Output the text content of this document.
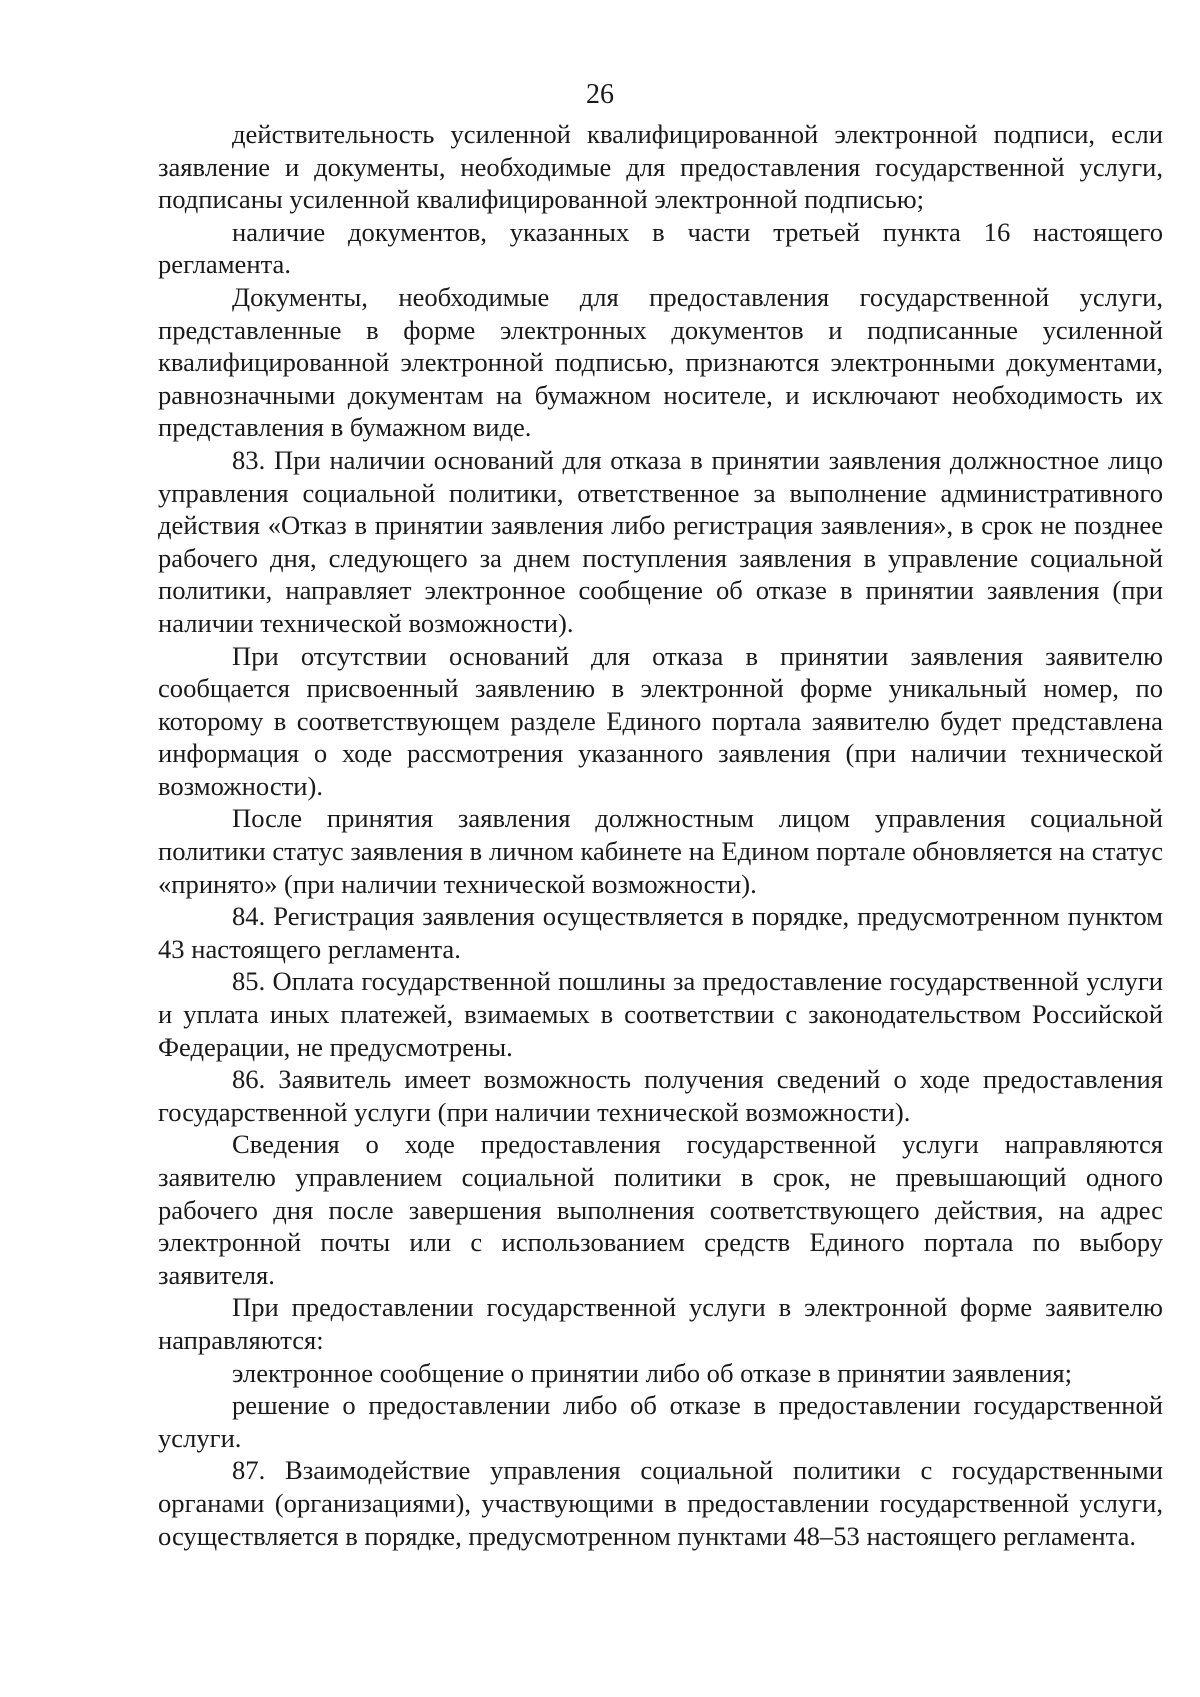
26

действительность усиленной квалифицированной электронной подписи, если заявление и документы, необходимые для предоставления государственной услуги, подписаны усиленной квалифицированной электронной подписью;

наличие документов, указанных в части третьей пункта 16 настоящего регламента.

Документы, необходимые для предоставления государственной услуги, представленные в форме электронных документов и подписанные усиленной квалифицированной электронной подписью, признаются электронными документами, равнозначными документам на бумажном носителе, и исключают необходимость их представления в бумажном виде.

83. При наличии оснований для отказа в принятии заявления должностное лицо управления социальной политики, ответственное за выполнение административного действия «Отказ в принятии заявления либо регистрация заявления», в срок не позднее рабочего дня, следующего за днем поступления заявления в управление социальной политики, направляет электронное сообщение об отказе в принятии заявления (при наличии технической возможности).

При отсутствии оснований для отказа в принятии заявления заявителю сообщается присвоенный заявлению в электронной форме уникальный номер, по которому в соответствующем разделе Единого портала заявителю будет представлена информация о ходе рассмотрения указанного заявления (при наличии технической возможности).

После принятия заявления должностным лицом управления социальной политики статус заявления в личном кабинете на Едином портале обновляется на статус «принято» (при наличии технической возможности).

84. Регистрация заявления осуществляется в порядке, предусмотренном пунктом 43 настоящего регламента.

85. Оплата государственной пошлины за предоставление государственной услуги и уплата иных платежей, взимаемых в соответствии с законодательством Российской Федерации, не предусмотрены.

86. Заявитель имеет возможность получения сведений о ходе предоставления государственной услуги (при наличии технической возможности).

Сведения о ходе предоставления государственной услуги направляются заявителю управлением социальной политики в срок, не превышающий одного рабочего дня после завершения выполнения соответствующего действия, на адрес электронной почты или с использованием средств Единого портала по выбору заявителя.

При предоставлении государственной услуги в электронной форме заявителю направляются:

электронное сообщение о принятии либо об отказе в принятии заявления;

решение о предоставлении либо об отказе в предоставлении государственной услуги.

87. Взаимодействие управления социальной политики с государственными органами (организациями), участвующими в предоставлении государственной услуги, осуществляется в порядке, предусмотренном пунктами 48–53 настоящего регламента.
